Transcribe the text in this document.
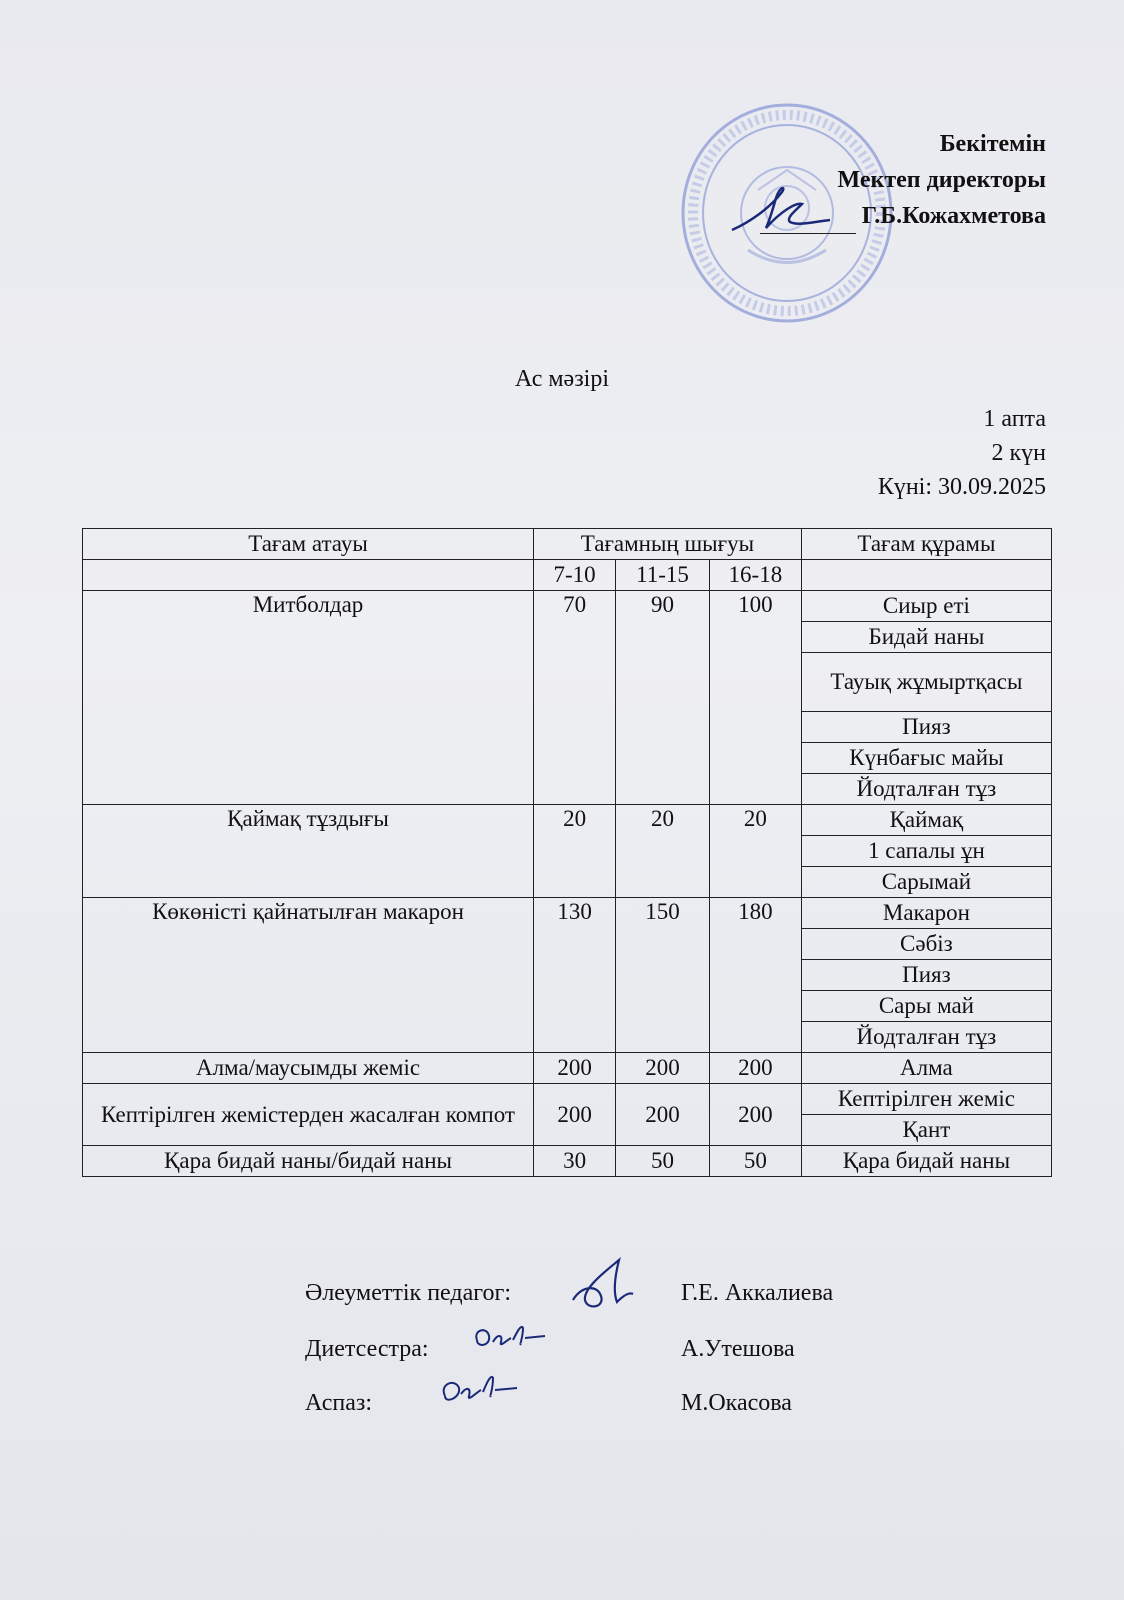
Бекітемін
Мектеп директоры
Г.Б.Кожахметова
Ас мәзірі
1 апта
2 күн
Күні: 30.09.2025
Тағам атауы	Тағамның шығуы			Тағам құрамы
	7-10	11-15	16-18	
Митболдар	70	90	100	Сиыр еті
				Бидай наны
				Тауық жұмыртқасы
				Пияз
				Күнбағыс майы
				Йодталған тұз
Қаймақ тұздығы	20	20	20	Қаймақ
				1 сапалы ұн
				Сарымай
Көкөністі қайнатылған макарон	130	150	180	Макарон
				Сәбіз
				Пияз
				Сары май
				Йодталған тұз
Алма/маусымды жеміс	200	200	200	Алма
Кептірілген жемістерден жасалған компот	200	200	200	Кептірілген жеміс
				Қант
Қара бидай наны/бидай наны	30	50	50	Қара бидай наны
Әлеуметтік педагог:	Г.Е. Аккалиева
Диетсестра:	А.Утешова
Аспаз:	М.Окасова
